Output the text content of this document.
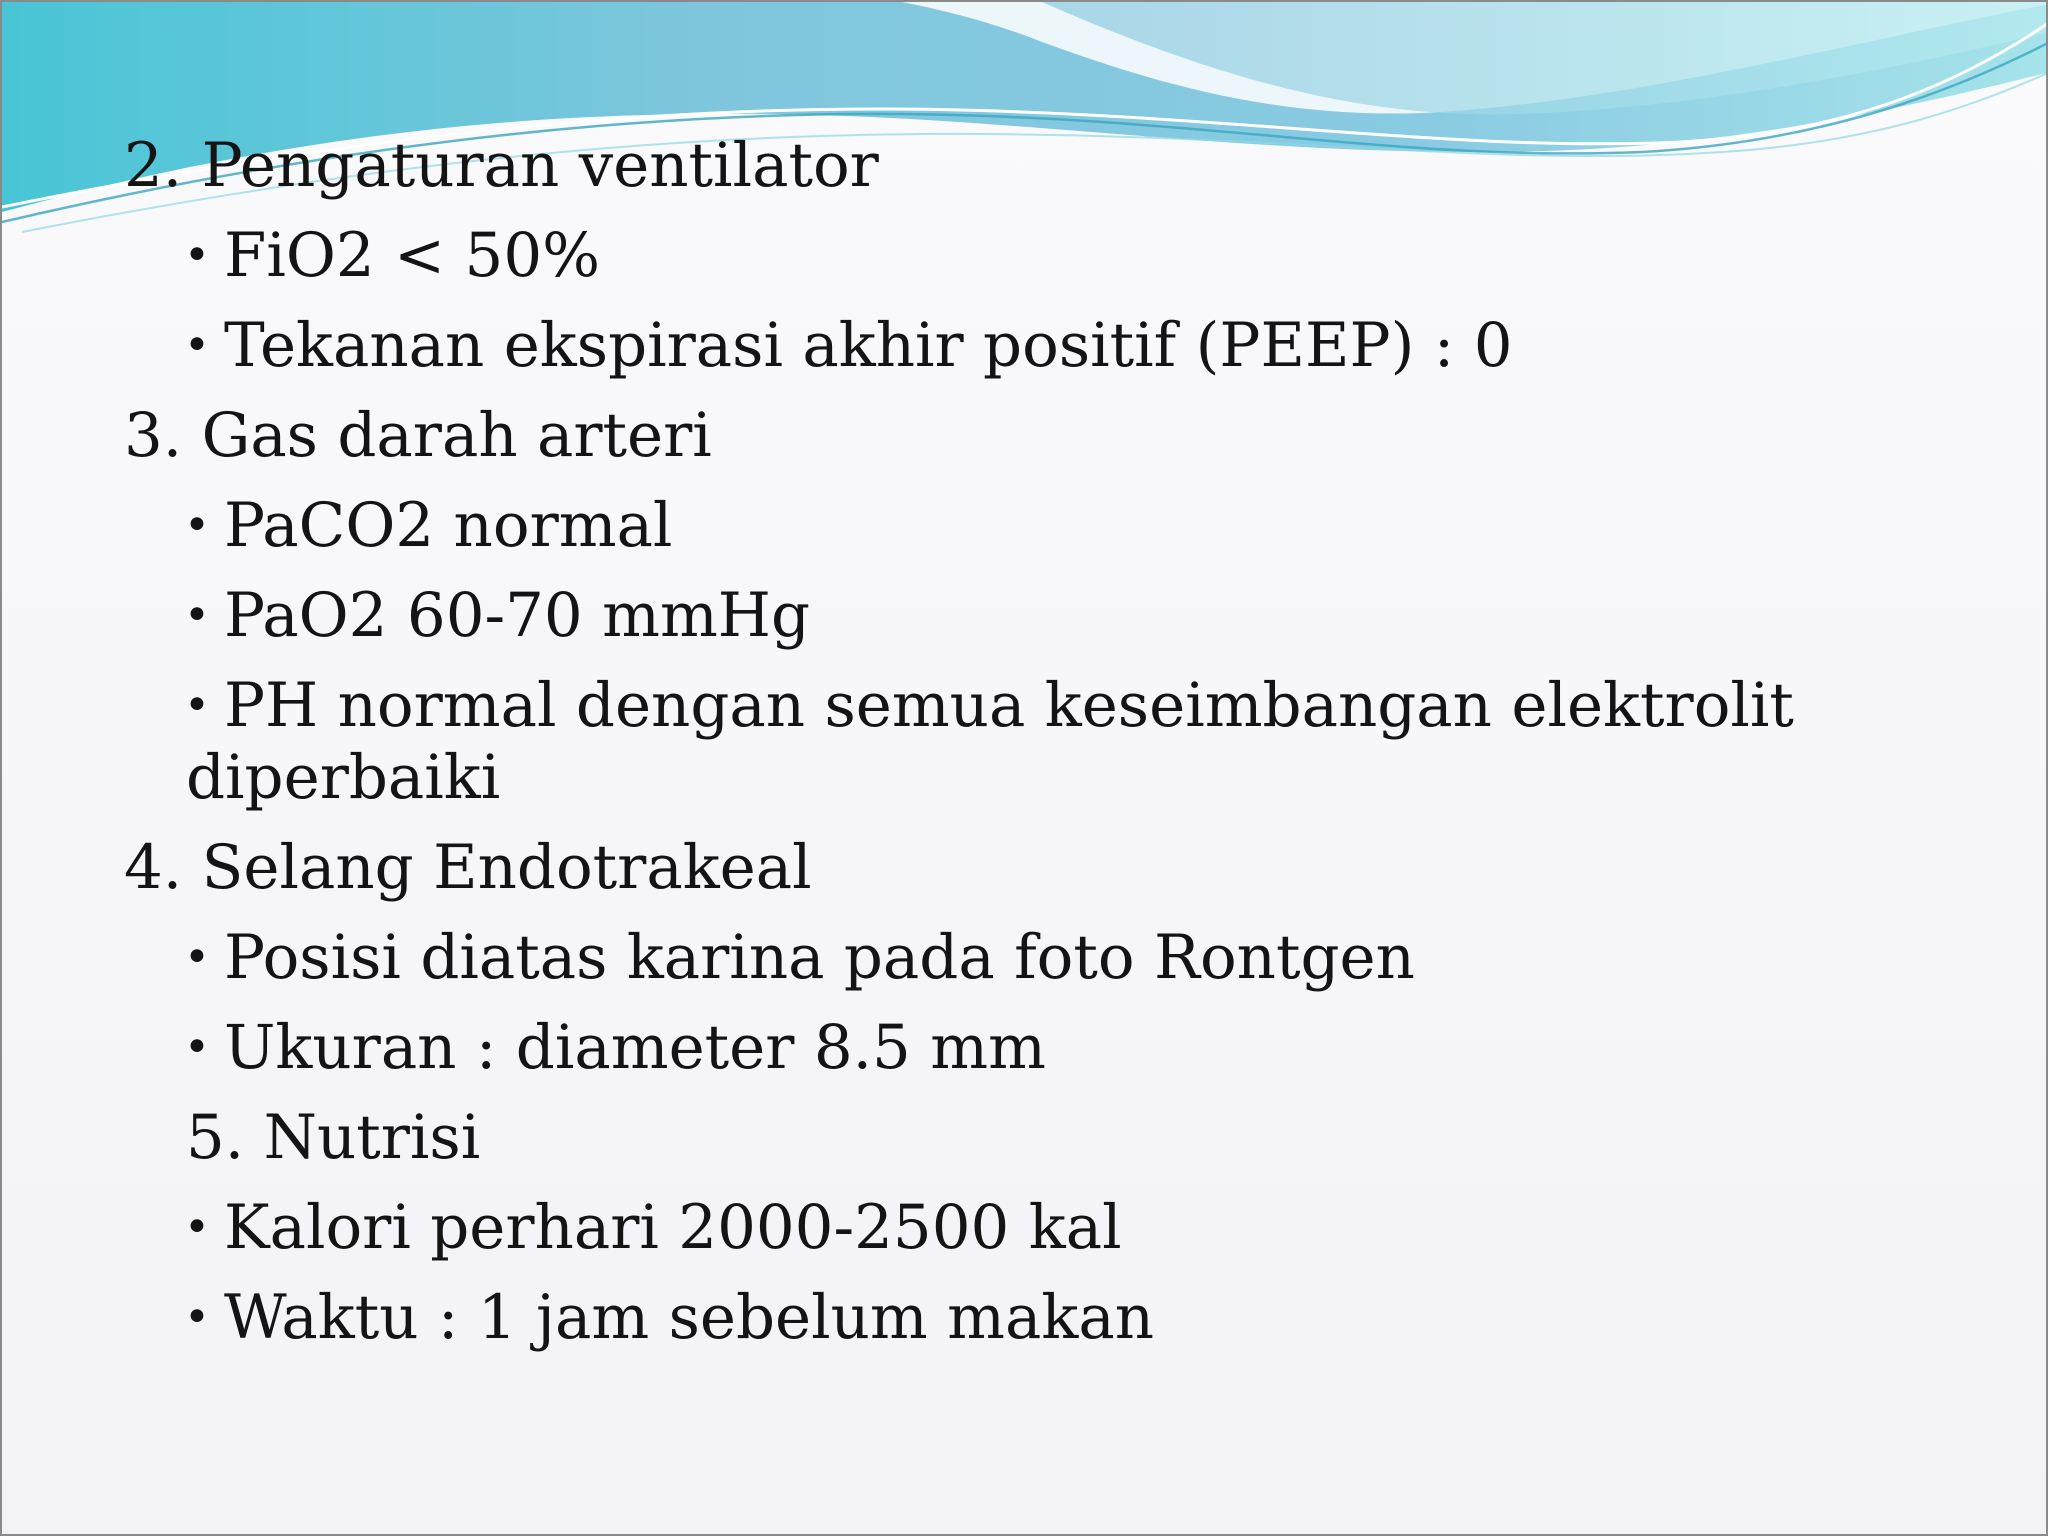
2. Pengaturan ventilator
• FiO2 < 50%
• Tekanan ekspirasi akhir positif (PEEP) : 0
3. Gas darah arteri
• PaCO2 normal
• PaO2 60-70 mmHg
• PH normal dengan semua keseimbangan elektrolit
diperbaiki
4. Selang Endotrakeal
• Posisi diatas karina pada foto Rontgen
• Ukuran : diameter 8.5 mm
5. Nutrisi
• Kalori perhari 2000-2500 kal
• Waktu : 1 jam sebelum makan
